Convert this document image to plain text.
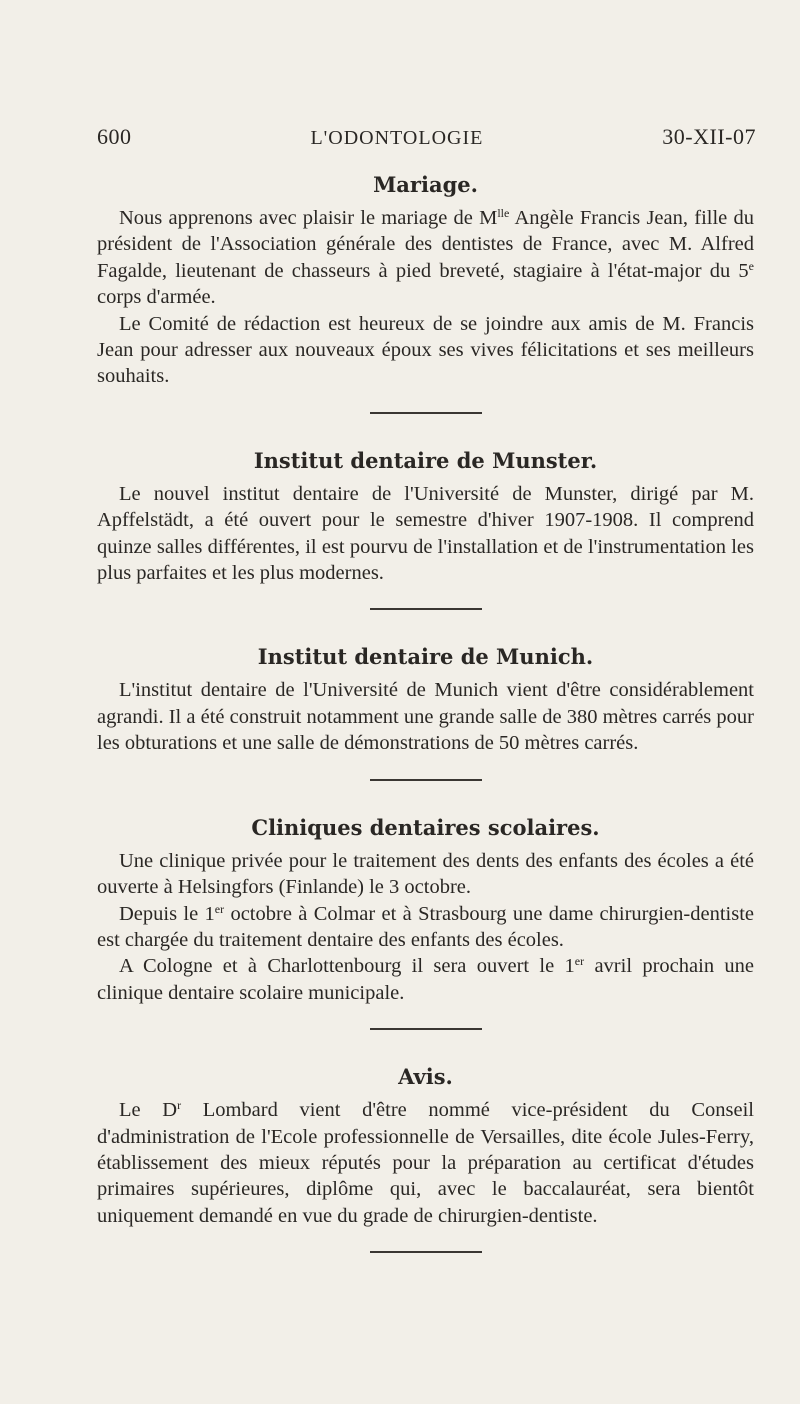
600	L'ODONTOLOGIE	30-XII-07
Mariage.

Nous apprenons avec plaisir le mariage de $M^{lle}$ Angèle Francis Jean, fille du président de l'Association générale des dentistes de France, avec M. Alfred Fagalde, lieutenant de chasseurs à pied breveté, stagiaire à l'état-major du 5e corps d'armée.

Le Comité de rédaction est heureux de se joindre aux amis de M. Francis Jean pour adresser aux nouveaux époux ses vives félicitations et ses meilleurs souhaits.

Institut dentaire de Munster.

Le nouvel institut dentaire de l'Université de Munster, dirigé par M. Apffelstädt, a été ouvert pour le semestre d'hiver 1907-1908. Il comprend quinze salles différentes, il est pourvu de l'installation et de l'instrumentation les plus parfaites et les plus modernes.

Institut dentaire de Munich.

L'institut dentaire de l'Université de Munich vient d'être considérablement agrandi. Il a été construit notamment une grande salle de 380 mètres carrés pour les obturations et une salle de démonstrations de 50 mètres carrés.

Cliniques dentaires scolaires.

Une clinique privée pour le traitement des dents des enfants des écoles a été ouverte à Helsingfors (Finlande) le 3 octobre.

Depuis le 1er octobre à Colmar et à Strasbourg une dame chirurgien-dentiste est chargée du traitement dentaire des enfants des écoles.

A Cologne et à Charlottenbourg il sera ouvert le 1er avril prochain une clinique dentaire scolaire municipale.

Avis.

Le $D^r$ Lombard vient d'être nommé vice-président du Conseil d'administration de l'Ecole professionnelle de Versailles, dite école Jules-Ferry, établissement des mieux réputés pour la préparation au certificat d'études primaires supérieures, diplôme qui, avec le baccalauréat, sera bientôt uniquement demandé en vue du grade de chirurgien-dentiste.
